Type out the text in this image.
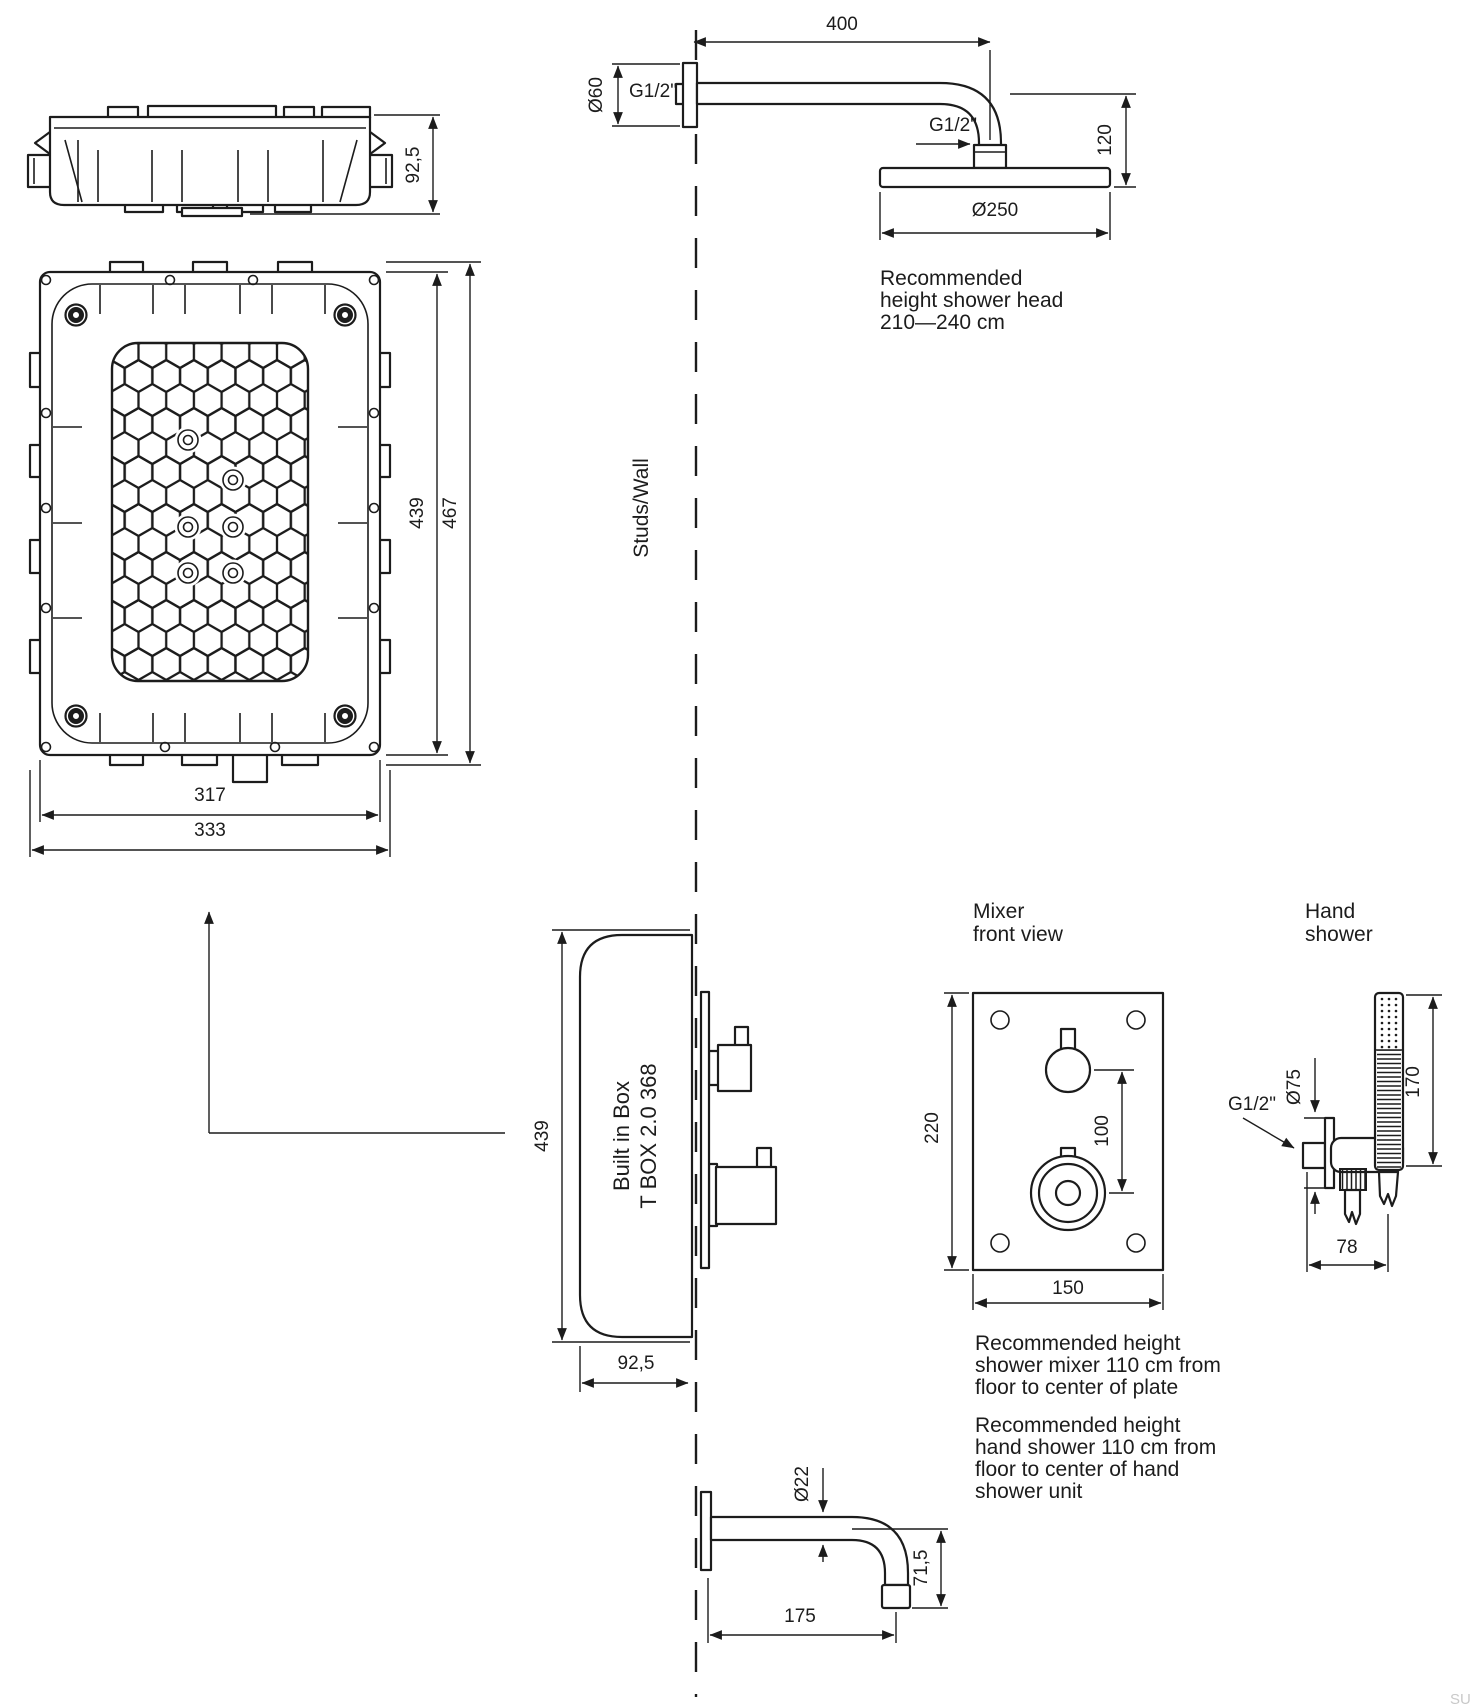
92,5
439 467
317
333
Studs/Wall
400
Ø60 G1/2"
G1/2"	120
Ø250
Recommended
height shower head
210—240 cm
Built in Box T BOX 2.0 368
439
92,5
Mixer
front view
220	100
150
Recommended height
shower mixer 110 cm from
floor to center of plate
Hand
shower
G1/2" Ø75	170
78
Recommended height
hand shower 110 cm from
floor to center of hand
shower unit
Ø22
71,5
175
SU
